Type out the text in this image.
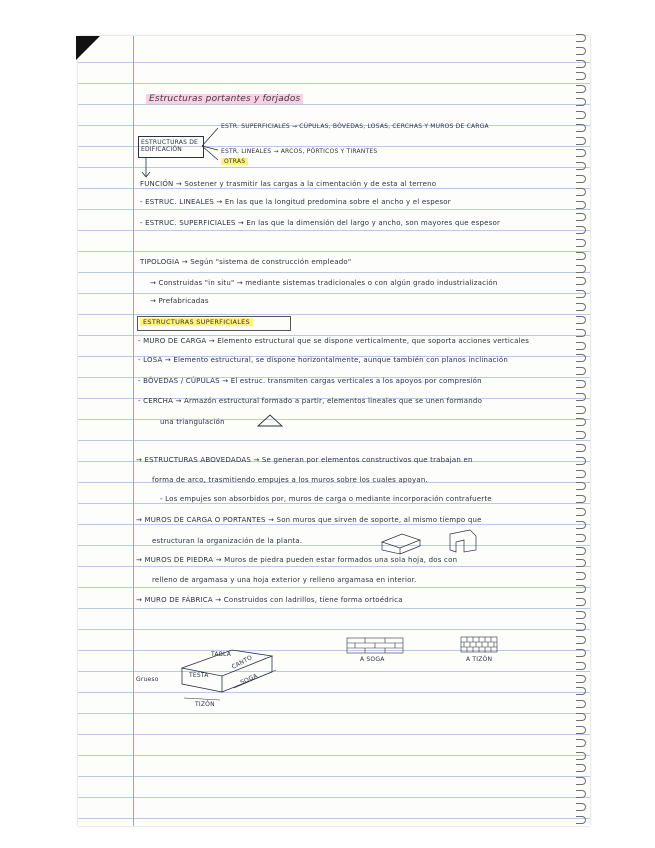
Estructuras portantes y forjados
ESTRUCTURAS DE EDIFICACIÓN
ESTR. SUPERFICIALES → CÚPULAS, BÓVEDAS, LOSAS, CERCHAS Y MUROS DE CARGA
ESTR. LINEALES → ARCOS, PÓRTICOS Y TIRANTES
OTRAS
FUNCIÓN → Sostener y trasmitir las cargas a la cimentación y de esta al terreno
- ESTRUC. LINEALES → En las que la longitud predomina sobre el ancho y el espesor
- ESTRUC. SUPERFICIALES → En las que la dimensión del largo y ancho, son mayores que espesor
TIPOLOGÍA → Según "sistema de construcción empleado"
→ Construidas "in situ" → mediante sistemas tradicionales o con algún grado industrialización
→ Prefabricadas
ESTRUCTURAS SUPERFICIALES
- MURO DE CARGA → Elemento estructural que se dispone verticalmente, que soporta acciones verticales
- LOSA → Elemento estructural, se dispone horizontalmente, aunque también con planos inclinación
- BÓVEDAS / CÚPULAS → El estruc. transmiten cargas verticales a los apoyos por compresión
- CERCHA → Armazón estructural formado a partir, elementos lineales que se unen formando
una triangulación
→ ESTRUCTURAS ABOVEDADAS → Se generan por elementos constructivos que trabajan en
forma de arco, trasmitiendo empujes a los muros sobre los cuales apoyan.
- Los empujes son absorbidos por, muros de carga o mediante incorporación contrafuerte
→ MUROS DE CARGA O PORTANTES → Son muros que sirven de soporte, al mismo tiempo que
estructuran la organización de la planta.
→ MUROS DE PIEDRA → Muros de piedra pueden estar formados una sola hoja, dos con
relleno de argamasa y una hoja exterior y relleno argamasa en interior.
→ MURO DE FÁBRICA → Construidos con ladrillos, tiene forma ortoédrica
TABLA CANTO
TESTA	SOGA
Grueso
TIZÓN
A SOGA	A TIZÓN
